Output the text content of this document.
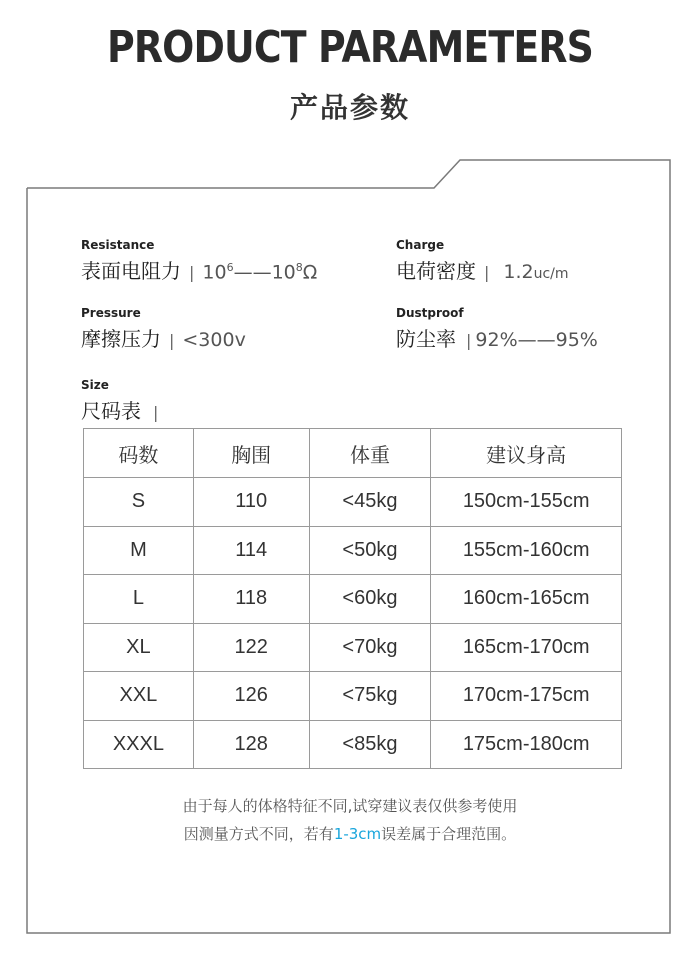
PRODUCT PARAMETERS
产品参数
Resistance
表面电阻力 | $10^6——10^8\Omega$
Charge
电荷密度 | 1.2uc/m
Pressure
摩擦压力 | <300v
Dustproof
防尘率 | 92%——95%
Size
尺码表 |
码数	胸围	体重	建议身高
S	110	<45kg	150cm-155cm
M	114	<50kg	155cm-160cm
L	118	<60kg	160cm-165cm
XL	122	<70kg	165cm-170cm
XXL	126	<75kg	170cm-175cm
XXXL	128	<85kg	175cm-180cm
由于每人的体格特征不同,试穿建议表仅供参考使用
因测量方式不同，若有1-3cm误差属于合理范围。
